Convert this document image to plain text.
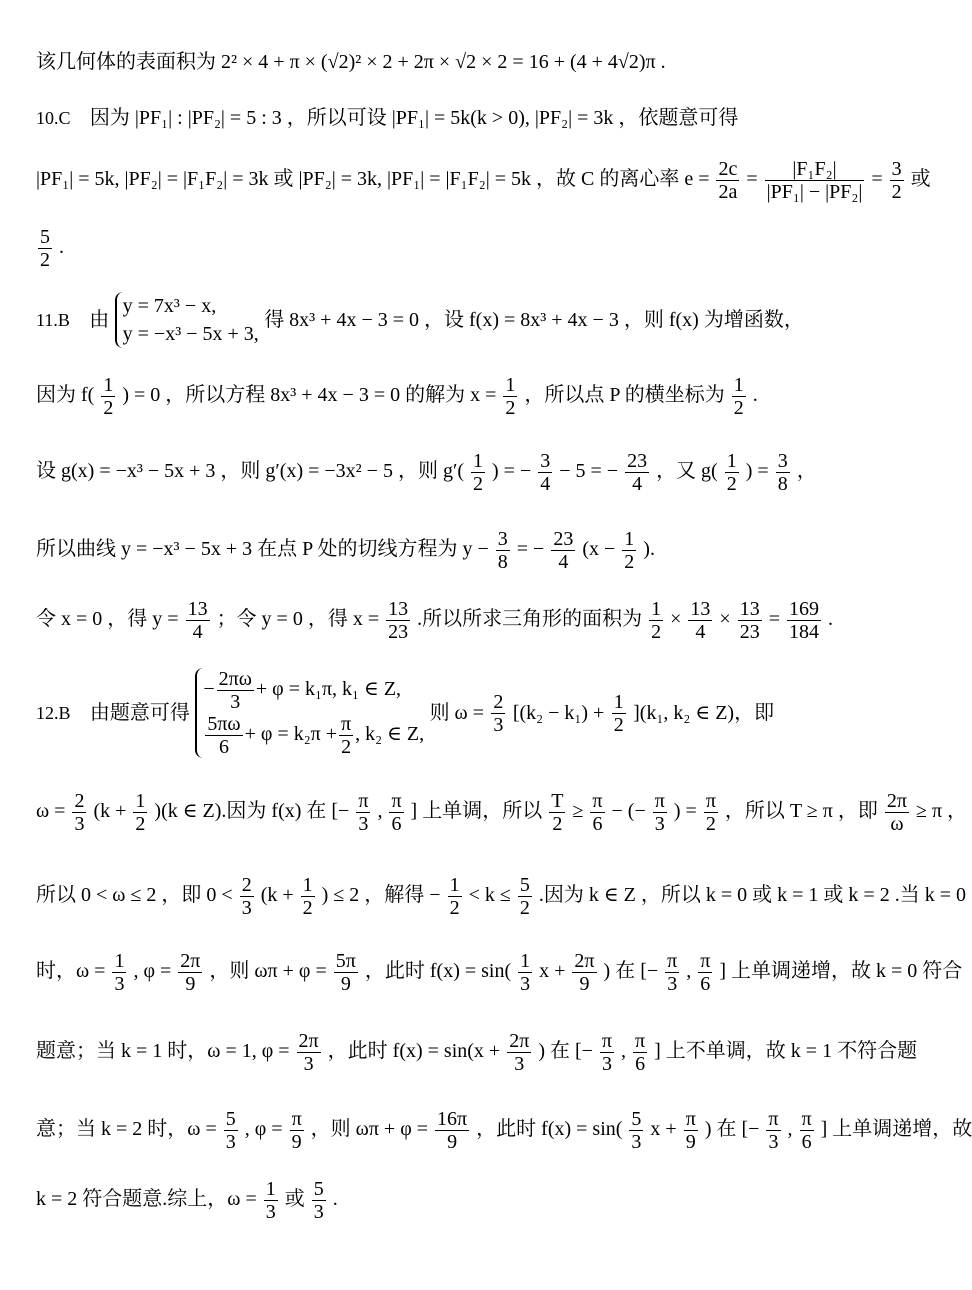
该几何体的表面积为 2² × 4 + π × (√2)² × 2 + 2π × √2 × 2 = 16 + (4 + 4√2)π .
10.C 因为 |PF₁| : |PF₂| = 5 : 3 ，所以可设 |PF₁| = 5k(k > 0), |PF₂| = 3k ，依题意可得
|PF₁| = 5k, |PF₂| = |F₁F₂| = 3k 或 |PF₂| = 3k, |PF₁| = |F₁F₂| = 5k ，故 C 的离心率 $e = \frac{2c}{2a} = \frac{\text{|F₁F₂|}}{\text{|PF₁| − |PF₂|}} = \frac{3}{2}$ 或
$\frac{5}{2}$ .
11.B 由
y = 7x³ − x,
y = −x³ − 5x + 3,
得 8x³ + 4x − 3 = 0 ，设 f(x) = 8x³ + 4x − 3 ，则 f(x) 为增函数，
因为 $f( \frac{1}{2}$ ) = 0 ，所以方程 8x³ + 4x − 3 = 0 的解为 $x = \frac{1}{2}$ ，所以点 P 的横坐标为 $\frac{1}{2}$ .
设 g(x) = −x³ − 5x + 3 ，则 g′(x) = −3x² − 5 ，则 $g'( \frac{1}{2}$ ) = − $\frac{3}{4} - 5$ = − $\frac{23}{4}$ ，又 $g( \frac{1}{2}$ ) = $\frac{3}{8}$ ，
所以曲线 y = −x³ − 5x + 3 在点 P 处的切线方程为 $y - \frac{3}{8}$ = − $\frac{23}{4} (x - \frac{1}{2}$ ).
令 x = 0 ，得 $y = \frac{13}{4}$ ；令 y = 0 ，得 $x = \frac{13}{23}$ .所以所求三角形的面积为 $\frac{1}{2} \times \frac{13}{4} \times \frac{13}{23} = \frac{169}{184}$ .
12.B 由题意可得
− $\frac{2\pi\omega}{3} + \varphi = k_1\pi$, k₁ ∈ Z,
$\frac{5\pi\omega}{6} + \varphi = k_2\pi + \frac{\pi}{2}$ , k₂ ∈ Z,
则 $\omega = \frac{2}{3} [(k_2 - k_1) + \frac{1}{2} ](k_1$, k₂ ∈ Z)，即
$\omega = \frac{2}{3} (k + \frac{1}{2} )(k$ ∈ Z).因为 f(x) 在 [− $\frac{\pi}{3}$ , $\frac{\pi}{6}$ ] 上单调，所以 $\frac{T}{2} \ge \frac{\pi}{6}$ − (− $\frac{\pi}{3}$ ) = $\frac{\pi}{2}$ ，所以 T ≥ π ，即 $\frac{2\pi}{\omega} \ge \pi$ ，
所以 0 < ω ≤ 2 ，即 $0 < \frac{2}{3} (k + \frac{1}{2}$ ) ≤ 2 ，解得 − $\frac{1}{2} < k \le \frac{5}{2}$ .因为 k ∈ Z ，所以 k = 0 或 k = 1 或 k = 2 .当 k = 0
时，$\omega = \frac{1}{3}$ , $\varphi = \frac{2\pi}{9}$ ，则 $\omega\pi + \varphi = \frac{5\pi}{9}$ ，此时 $f(x) = \sin( \frac{1}{3}$ $x + \frac{2\pi}{9}$ ) 在 [− $\frac{\pi}{3}$ , $\frac{\pi}{6}$ ] 上单调递增，故 k = 0 符合
题意；当 k = 1 时，ω = 1, $\varphi = \frac{2\pi}{3}$ ，此时 $f(x) = \sin(x + \frac{2\pi}{3}$ ) 在 [− $\frac{\pi}{3}$ , $\frac{\pi}{6}$ ] 上不单调，故 k = 1 不符合题
意；当 k = 2 时，$\omega = \frac{5}{3}$ , $\varphi = \frac{\pi}{9}$ ，则 $\omega\pi + \varphi = \frac{16\pi}{9}$ ，此时 $f(x) = \sin( \frac{5}{3}$ $x + \frac{\pi}{9}$ ) 在 [− $\frac{\pi}{3}$ , $\frac{\pi}{6}$ ] 上单调递增，故
k = 2 符合题意.综上，$\omega = \frac{1}{3}$ 或 $\frac{5}{3}$ .
